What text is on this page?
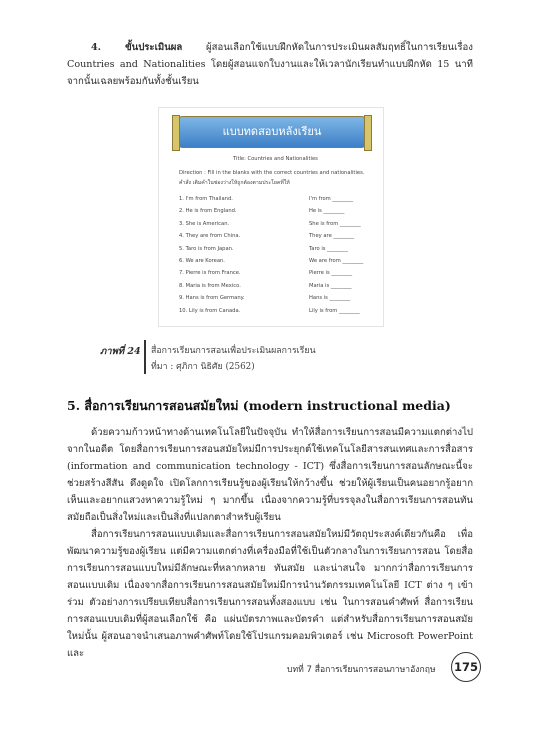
4. ขั้นประเมินผล ผู้สอนเลือกใช้แบบฝึกหัดในการประเมินผลสัมฤทธิ์ในการเรียนเรื่อง Countries and Nationalities โดยผู้สอนแจกใบงานและให้เวลานักเรียนทำแบบฝึกหัด 15 นาที จากนั้นเฉลยพร้อมกันทั้งชั้นเรียน

แบบทดสอบหลังเรียน
Title: Countries and Nationalities
Direction : Fill in the blanks with the correct countries and nationalities.
คำสั่ง เติมคำในช่องว่างให้ถูกต้องตามประโยคที่ให้
1. I'm from Thailand.	I'm from ________
2. He is from England.	He is ________
3. She is American.	She is from ________
4. They are from China.	They are ________
5. Taro is from Japan.	Taro is ________
6. We are Korean.	We are from ________
7. Pierre is from France.	Pierre is ________
8. Maria is from Mexico.	Maria is ________
9. Hans is from Germany.	Hans is ________
10. Lily is from Canada.	Lily is from ________
ภาพที่ 24 สื่อการเรียนการสอนเพื่อประเมินผลการเรียน
ที่มา : ศุภิกา นิธิศัย (2562)
5. สื่อการเรียนการสอนสมัยใหม่ (modern instructional media)

ด้วยความก้าวหน้าทางด้านเทคโนโลยีในปัจจุบัน ทำให้สื่อการเรียนการสอนมีความแตกต่างไปจากในอดีต โดยสื่อการเรียนการสอนสมัยใหม่มีการประยุกต์ใช้เทคโนโลยีสารสนเทศและการสื่อสาร (information and communication technology - ICT) ซึ่งสื่อการเรียนการสอนลักษณะนี้จะช่วยสร้างสีสัน ดึงดูดใจ เปิดโลกการเรียนรู้ของผู้เรียนให้กว้างขึ้น ช่วยให้ผู้เรียนเป็นคนอยากรู้อยากเห็นและอยากแสวงหาความรู้ใหม่ ๆ มากขึ้น เนื่องจากความรู้ที่บรรจุลงในสื่อการเรียนการสอนทันสมัยถือเป็นสิ่งใหม่และเป็นสิ่งที่แปลกตาสำหรับผู้เรียน

สื่อการเรียนการสอนแบบเดิมและสื่อการเรียนการสอนสมัยใหม่มีวัตถุประสงค์เดียวกันคือ เพื่อพัฒนาความรู้ของผู้เรียน แต่มีความแตกต่างที่เครื่องมือที่ใช้เป็นตัวกลางในการเรียนการสอน โดยสื่อการเรียนการสอนแบบใหม่มีลักษณะที่หลากหลาย ทันสมัย และน่าสนใจ มากกว่าสื่อการเรียนการสอนแบบเดิม เนื่องจากสื่อการเรียนการสอนสมัยใหม่มีการนำนวัตกรรมเทคโนโลยี ICT ต่าง ๆ เข้าร่วม ตัวอย่างการเปรียบเทียบสื่อการเรียนการสอนทั้งสองแบบ เช่น ในการสอนคำศัพท์ สื่อการเรียนการสอนแบบเดิมที่ผู้สอนเลือกใช้ คือ แผ่นบัตรภาพและบัตรคำ แต่สำหรับสื่อการเรียนการสอนสมัยใหม่นั้น ผู้สอนอาจนำเสนอภาพคำศัพท์โดยใช้โปรแกรมคอมพิวเตอร์ เช่น Microsoft PowerPoint และ

บทที่ 7 สื่อการเรียนการสอนภาษาอังกฤษ 175
